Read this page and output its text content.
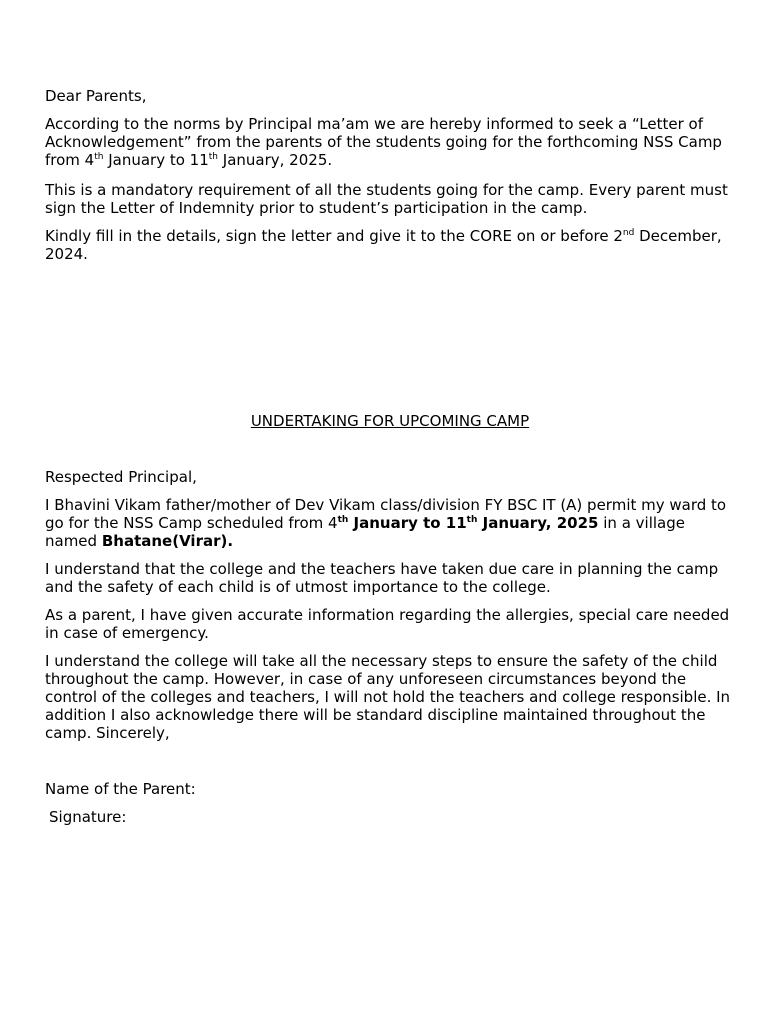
Dear Parents,

According to the norms by Principal ma’am we are hereby informed to seek a “Letter of Acknowledgement” from the parents of the students going for the forthcoming NSS Camp from 4th January to 11th January, 2025.

This is a mandatory requirement of all the students going for the camp. Every parent must sign the Letter of Indemnity prior to student’s participation in the camp.

Kindly fill in the details, sign the letter and give it to the CORE on or before 2nd December, 2024.

UNDERTAKING FOR UPCOMING CAMP

Respected Principal,

I Bhavini Vikam father/mother of Dev Vikam class/division FY BSC IT (A) permit my ward to go for the NSS Camp scheduled from 4th January to 11th January, 2025 in a village named Bhatane(Virar).

I understand that the college and the teachers have taken due care in planning the camp and the safety of each child is of utmost importance to the college.

As a parent, I have given accurate information regarding the allergies, special care needed in case of emergency.

I understand the college will take all the necessary steps to ensure the safety of the child throughout the camp. However, in case of any unforeseen circumstances beyond the control of the colleges and teachers, I will not hold the teachers and college responsible. In addition I also acknowledge there will be standard discipline maintained throughout the camp. Sincerely,

Name of the Parent:

Signature:
